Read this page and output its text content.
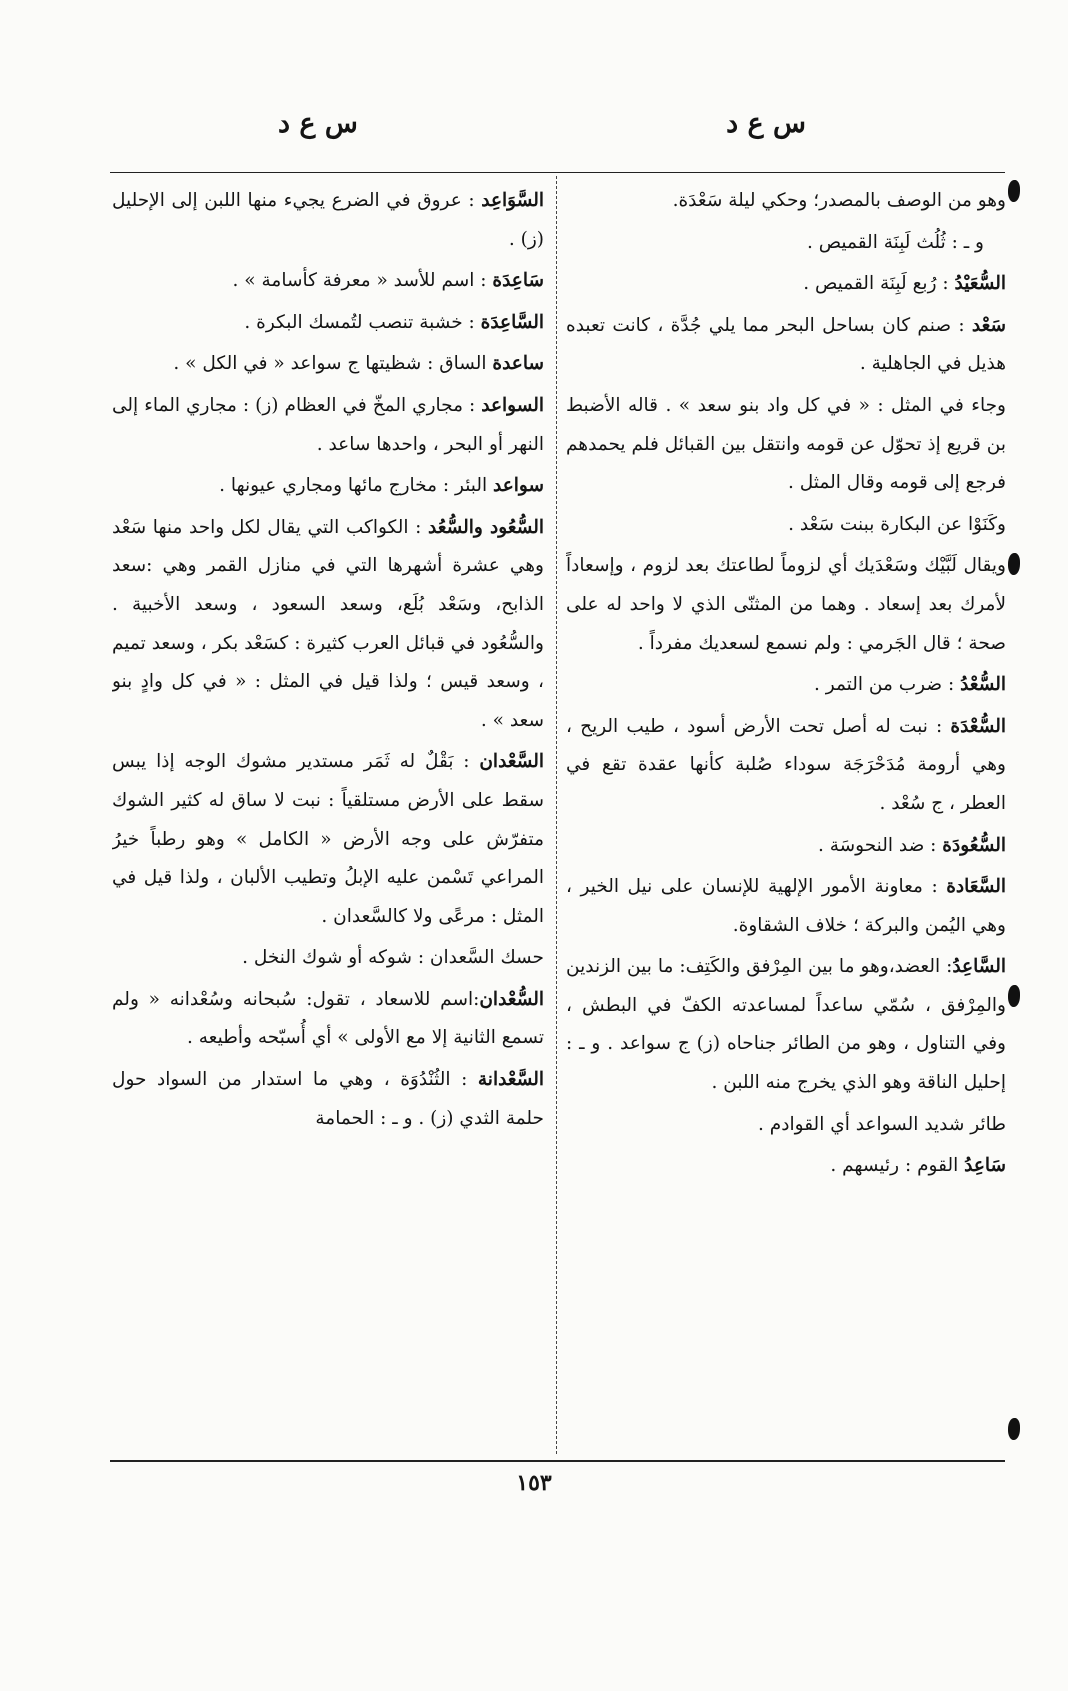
س ع د
س ع د

وهو من الوصف بالمصدر؛ وحكي ليلة سَعْدَة.

و ـ : ثُلُث لَبِنَة القميص .

السُّعَيْدُ : رُبع لَبِنَة القميص .

سَعْد : صنم كان بساحل البحر مما يلي جُدَّة ، كانت تعبده هذيل في الجاهلية .

وجاء في المثل : « في كل واد بنو سعد » . قاله الأضبط بن قريع إذ تحوّل عن قومه وانتقل بين القبائل فلم يحمدهم فرجع إلى قومه وقال المثل .

وكَنَوْا عن البكارة ببنت سَعْد .

ويقال لَبَّيْك وسَعْدَيك أي لزوماً لطاعتك بعد لزوم ، وإسعاداً لأمرك بعد إسعاد . وهما من المثنّى الذي لا واحد له على صحة ؛ قال الجَرمي : ولم نسمع لسعديك مفرداً .

السُّعْدُ : ضرب من التمر .

السُّعْدَة : نبت له أصل تحت الأرض أسود ، طيب الريح ، وهي أرومة مُدَحْرَجَة سوداء صُلبة كأنها عقدة تقع في العطر ، ج سُعْد .

السُّعُودَة : ضد النحوسَة .

السَّعَادة : معاونة الأمور الإلهية للإنسان على نيل الخير ، وهي اليُمن والبركة ؛ خلاف الشقاوة.

السَّاعِدُ: العضد،وهو ما بين المِرْفق والكَتِف: ما بين الزندين والمِرْفق ، سُمّي ساعداً لمساعدته الكفّ في البطش ، وفي التناول ، وهو من الطائر جناحاه (ز) ج سواعد . و ـ : إحليل الناقة وهو الذي يخرج منه اللبن .

طائر شديد السواعد أي القوادم .

سَاعِدُ القوم : رئيسهم .

السَّوَاعِد : عروق في الضرع يجيء منها اللبن إلى الإحليل (ز) .

سَاعِدَة : اسم للأسد « معرفة كأسامة » .

السَّاعِدَة : خشبة تنصب لتُمسك البكرة .

ساعدة الساق : شظيتها ج سواعد « في الكل » .

السواعد : مجاري المخّ في العظام (ز) : مجاري الماء إلى النهر أو البحر ، واحدها ساعد .

سواعد البئر : مخارج مائها ومجاري عيونها .

السُّعُود والسُّعُد : الكواكب التي يقال لكل واحد منها سَعْد وهي عشرة أشهرها التي في منازل القمر وهي :سعد الذابح، وسَعْد بُلَع، وسعد السعود ، وسعد الأخبية . والسُّعُود في قبائل العرب كثيرة : كسَعْد بكر ، وسعد تميم ، وسعد قيس ؛ ولذا قيل في المثل : « في كل وادٍ بنو سعد » .

السَّعْدان : بَقْلٌ له ثَمَر مستدير مشوك الوجه إذا يبس سقط على الأرض مستلقياً : نبت لا ساق له كثير الشوك متفرّش على وجه الأرض « الكامل » وهو رطباً خيرُ المراعي تَسْمن عليه الإبلُ وتطيب الألبان ، ولذا قيل في المثل : مرعًى ولا كالسَّعدان .

حسك السَّعدان : شوكه أو شوك النخل .

السُّعْدان:اسم للاسعاد ، تقول: سُبحانه وسُعْدانه « ولم تسمع الثانية إلا مع الأولى » أي أُسبّحه وأطيعه .

السَّعْدانة : الثُنْدُوَة ، وهي ما استدار من السواد حول حلمة الثدي (ز) . و ـ : الحمامة

١٥٣
